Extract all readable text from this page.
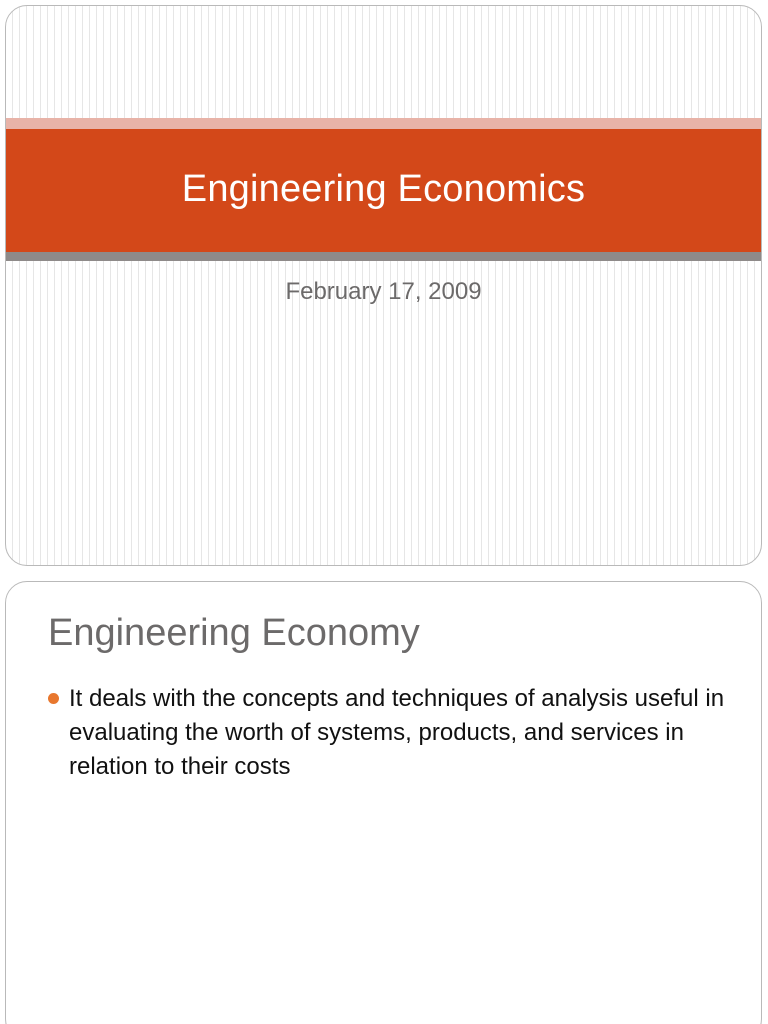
Engineering Economics
February 17, 2009
Engineering Economy
It deals with the concepts and techniques of analysis useful in evaluating the worth of systems, products, and services in relation to their costs
